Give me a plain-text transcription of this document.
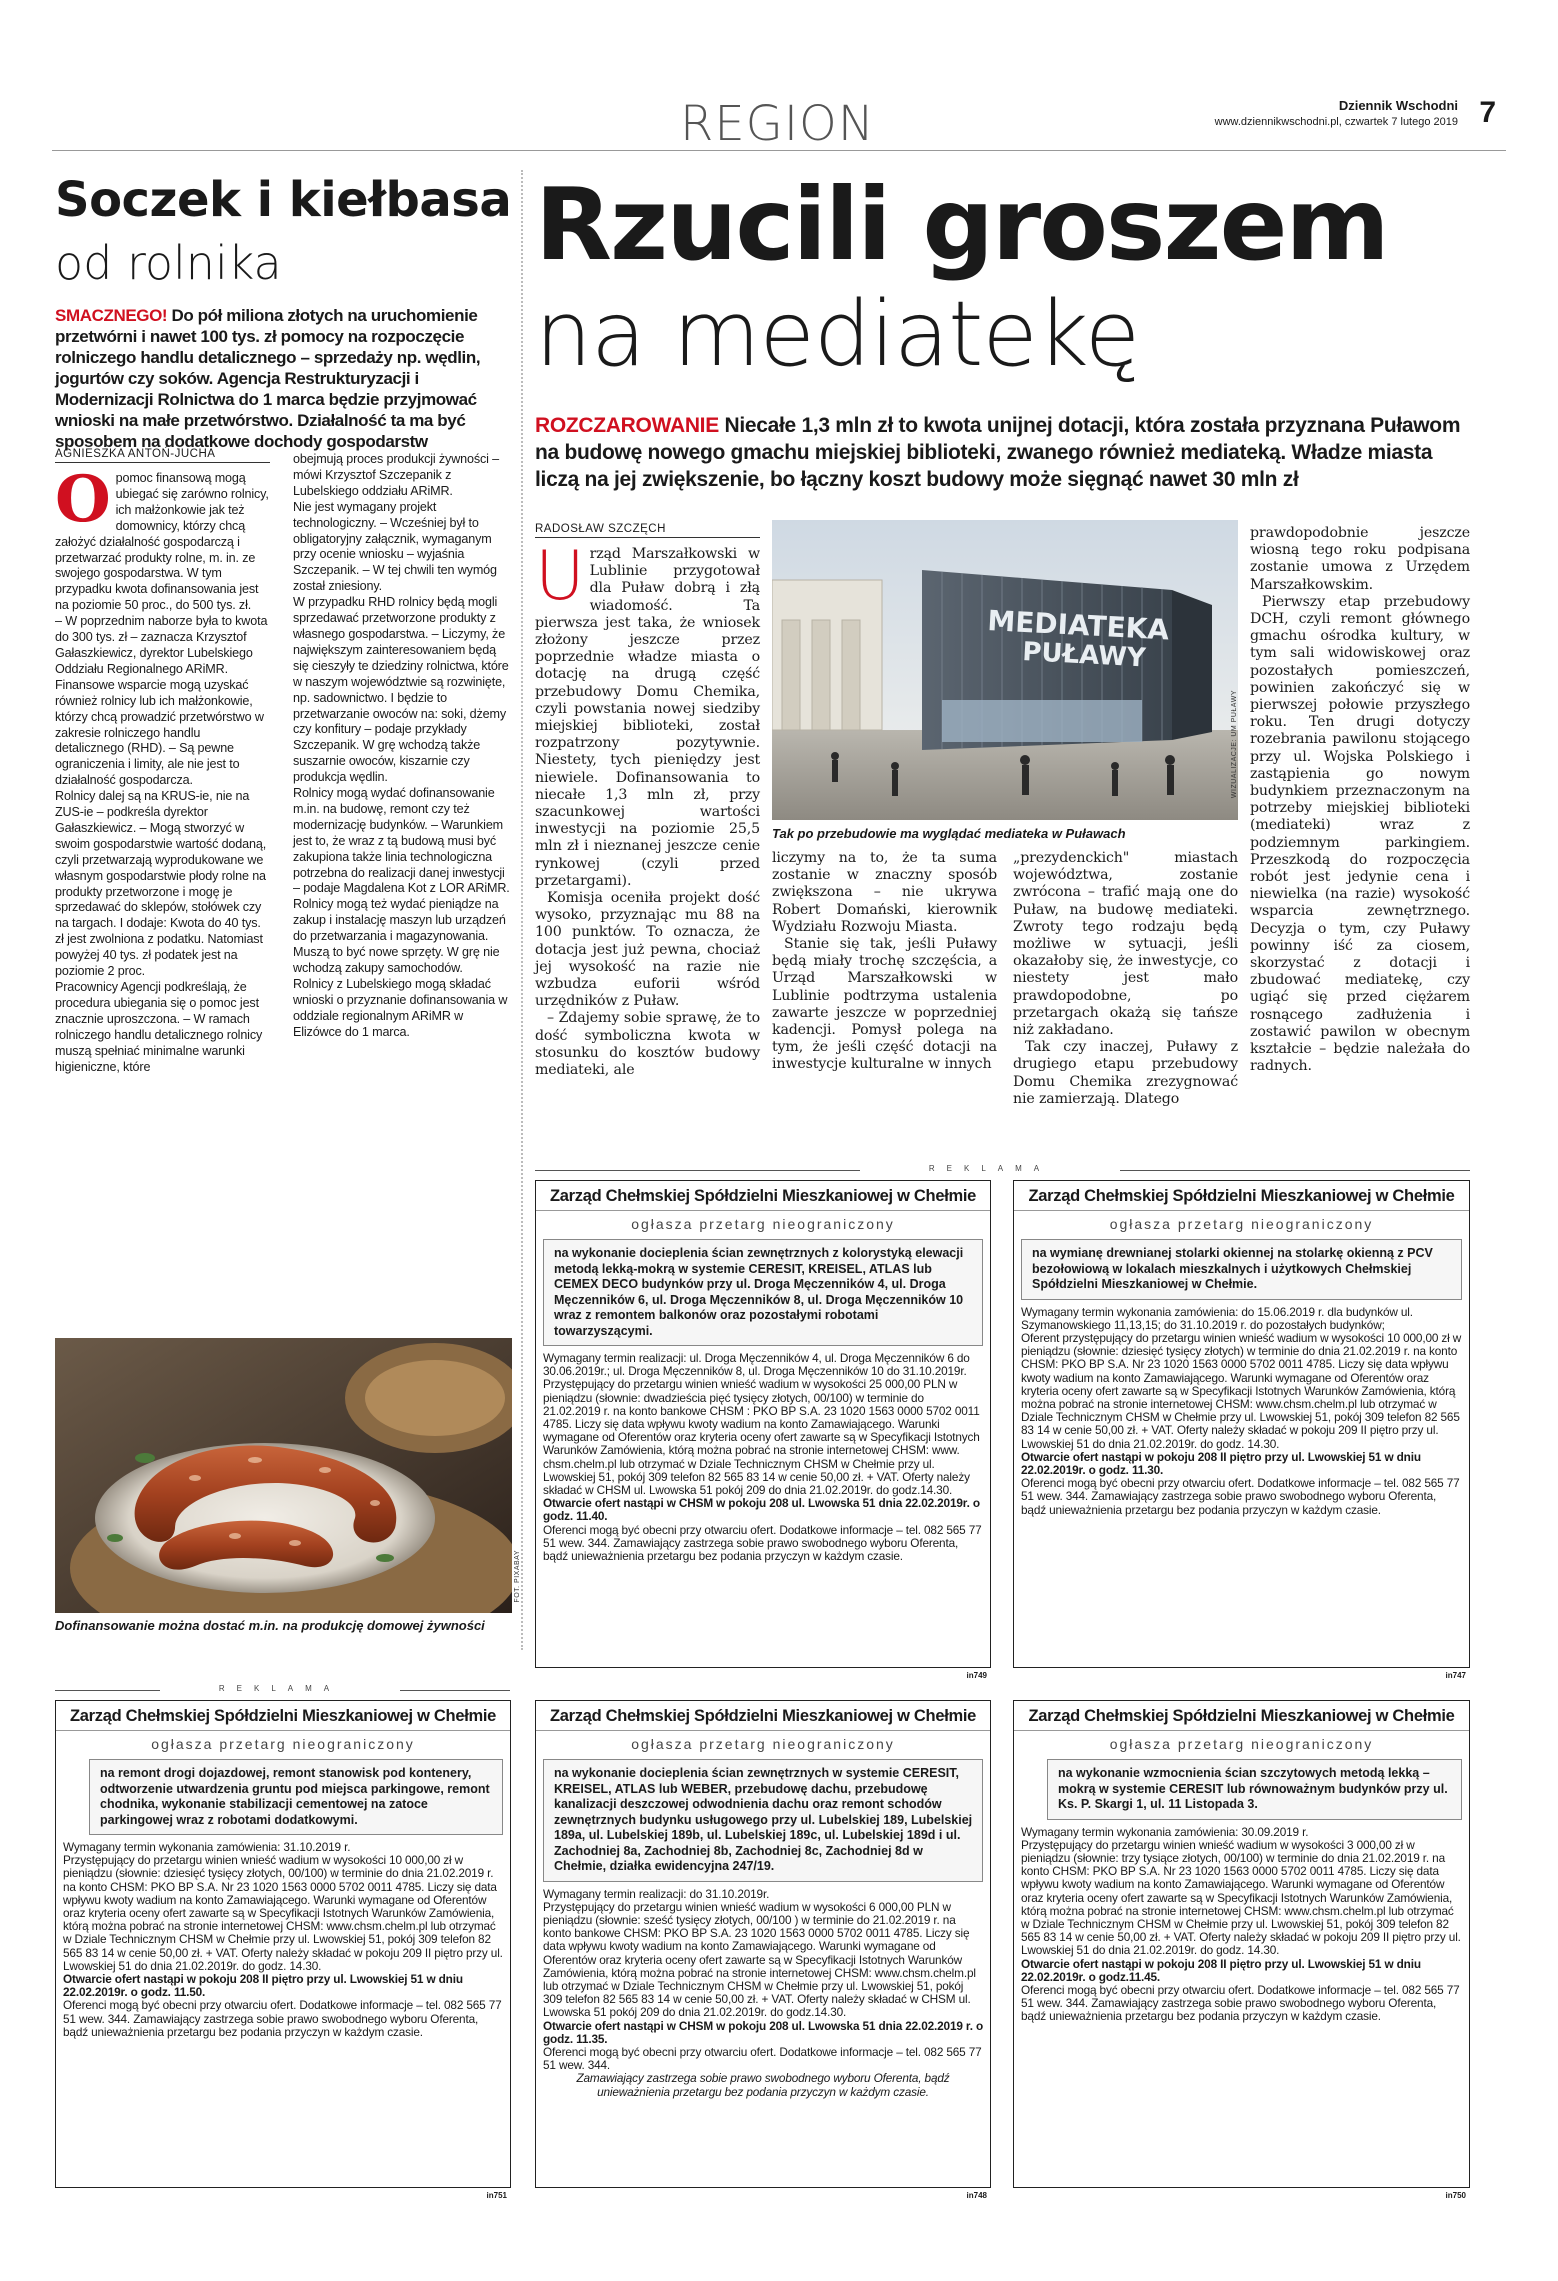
REGION	Dziennik Wschodni
www.dziennikwschodni.pl, czwartek 7 lutego 2019 7
Soczek i kiełbasa
od rolnika
SMACZNEGO! Do pół miliona złotych na uruchomienie przetwórni i nawet 100 tys. zł pomocy na rozpoczęcie rolniczego handlu detalicznego – sprzedaży np. wędlin, jogurtów czy soków. Agencja Restrukturyzacji i Modernizacji Rolnictwa do 1 marca będzie przyjmować wnioski na małe przetwórstwo. Działalność ta ma być sposobem na dodatkowe dochody gospodarstw
AGNIESZKA ANTOŃ-JUCHA
O pomoc finansową mogą ubiegać się zarówno rolnicy, ich małżonkowie jak też domownicy, którzy chcą założyć działalność gospodarczą i przetwarzać produkty rolne, m. in. ze swojego gospodarstwa. W tym przypadku kwota dofinansowania jest na poziomie 50 proc., do 500 tys. zł.

– W poprzednim naborze była to kwota do 300 tys. zł – zaznacza Krzysztof Gałaszkiewicz, dyrektor Lubelskiego Oddziału Regionalnego ARiMR.

Finansowe wsparcie mogą uzyskać również rolnicy lub ich małżonkowie, którzy chcą prowadzić przetwórstwo w zakresie rolniczego handlu detalicznego (RHD). – Są pewne ograniczenia i limity, ale nie jest to działalność gospodarcza.

Rolnicy dalej są na KRUS-ie, nie na ZUS-ie – podkreśla dyrektor Gałaszkiewicz. – Mogą stworzyć w swoim gospodarstwie wartość dodaną, czyli przetwarzają wyprodukowane we własnym gospodarstwie płody rolne na produkty przetworzone i mogę je sprzedawać do sklepów, stołówek czy na targach. I dodaje: Kwota do 40 tys. zł jest zwolniona z podatku. Natomiast powyżej 40 tys. zł podatek jest na poziomie 2 proc.

Pracownicy Agencji podkreślają, że procedura ubiegania się o pomoc jest znacznie uproszczona. – W ramach rolniczego handlu detalicznego rolnicy muszą spełniać minimalne warunki higieniczne, które

obejmują proces produkcji żywności – mówi Krzysztof Szczepanik z Lubelskiego oddziału ARiMR.

Nie jest wymagany projekt technologiczny. – Wcześniej był to obligatoryjny załącznik, wymaganym przy ocenie wniosku – wyjaśnia Szczepanik. – W tej chwili ten wymóg został zniesiony.

W przypadku RHD rolnicy będą mogli sprzedawać przetworzone produkty z własnego gospodarstwa. – Liczymy, że największym zainteresowaniem będą się cieszyły te dziedziny rolnictwa, które w naszym województwie są rozwinięte, np. sadownictwo. I będzie to przetwarzanie owoców na: soki, dżemy czy konfitury – podaje przykłady Szczepanik. W grę wchodzą także suszarnie owoców, kiszarnie czy produkcja wędlin.

Rolnicy mogą wydać dofinansowanie m.in. na budowę, remont czy też modernizację budynków. – Warunkiem jest to, że wraz z tą budową musi być zakupiona także linia technologiczna potrzebna do realizacji danej inwestycji – podaje Magdalena Kot z LOR ARiMR. Rolnicy mogą też wydać pieniądze na zakup i instalację maszyn lub urządzeń do przetwarzania i magazynowania. Muszą to być nowe sprzęty. W grę nie wchodzą zakupy samochodów.

Rolnicy z Lubelskiego mogą składać wnioski o przyznanie dofinansowania w oddziale regionalnym ARiMR w Elizówce do 1 marca.

FOT. PIXABAY
Dofinansowanie można dostać m.in. na produkcję domowej żywności
Rzucili groszem
na mediatekę
ROZCZAROWANIE Niecałe 1,3 mln zł to kwota unijnej dotacji, która została przyznana Puławom na budowę nowego gmachu miejskiej biblioteki, zwanego również mediateką. Władze miasta liczą na jej zwiększenie, bo łączny koszt budowy może sięgnąć nawet 30 mln zł
RADOSŁAW SZCZĘCH
U rząd Marszałkowski w Lublinie przygotował dla Puław dobrą i złą wiadomość. Ta pierwsza jest taka, że wniosek złożony jeszcze przez poprzednie władze miasta o dotację na drugą część przebudowy Domu Chemika, czyli powstania nowej siedziby miejskiej biblioteki, został rozpatrzony pozytywnie. Niestety, tych pieniędzy jest niewiele. Dofinansowania to niecałe 1,3 mln zł, przy szacunkowej wartości inwestycji na poziomie 25,5 mln zł i nieznanej jeszcze cenie rynkowej (czyli przed przetargami).

Komisja oceniła projekt dość wysoko, przyznając mu 88 na 100 punktów. To oznacza, że dotacja jest już pewna, chociaż jej wysokość na razie nie wzbudza euforii wśród urzędników z Puław.

– Zdajemy sobie sprawę, że to dość symboliczna kwota w stosunku do kosztów budowy mediateki, ale

MEDIATEKA
PUŁAWY
WIZUALIZACJE: UM PUŁAWY
Tak po przebudowie ma wyglądać mediateka w Puławach

liczymy na to, że ta suma zostanie w znaczny sposób zwiększona – nie ukrywa Robert Domański, kierownik Wydziału Rozwoju Miasta.

Stanie się tak, jeśli Puławy będą miały trochę szczęścia, a Urząd Marszałkowski w Lublinie podtrzyma ustalenia zawarte jeszcze w poprzedniej kadencji. Pomysł polega na tym, że jeśli część dotacji na inwestycje kulturalne w innych

„prezydenckich" miastach województwa, zostanie zwrócona – trafić mają one do Puław, na budowę mediateki. Zwroty tego rodzaju będą możliwe w sytuacji, jeśli okazałoby się, że inwestycje, co niestety jest mało prawdopodobne, po przetargach okażą się tańsze niż zakładano.

Tak czy inaczej, Puławy z drugiego etapu przebudowy Domu Chemika zrezygnować nie zamierzają. Dlatego

prawdopodobnie jeszcze wiosną tego roku podpisana zostanie umowa z Urzędem Marszałkowskim.

Pierwszy etap przebudowy DCH, czyli remont głównego gmachu ośrodka kultury, w tym sali widowiskowej oraz pozostałych pomieszczeń, powinien zakończyć się w pierwszej połowie przyszłego roku. Ten drugi dotyczy rozebrania pawilonu stojącego przy ul. Wojska Polskiego i zastąpienia go nowym budynkiem przeznaczonym na potrzeby miejskiej biblioteki (mediateki) wraz z podziemnym parkingiem. Przeszkodą do rozpoczęcia robót jest jedynie cena i niewielka (na razie) wysokość wsparcia zewnętrznego. Decyzja o tym, czy Puławy powinny iść za ciosem, skorzystać z dotacji i zbudować mediatekę, czy ugiąć się przed ciężarem rosnącego zadłużenia i zostawić pawilon w obecnym kształcie – będzie należała do radnych.

REKLAMA
Zarząd Chełmskiej Spółdzielni Mieszkaniowej w Chełmie
ogłasza przetarg nieograniczony
na wykonanie docieplenia ścian zewnętrznych z kolorystyką elewacji metodą lekką-mokrą w systemie CERESIT, KREISEL, ATLAS lub CEMEX DECO budynków przy ul. Droga Męczenników 4, ul. Droga Męczenników 6, ul. Droga Męczenników 8, ul. Droga Męczenników 10 wraz z remontem balkonów oraz pozostałymi robotami towarzyszącymi.

Wymagany termin realizacji: ul. Droga Męczenników 4, ul. Droga Męczenników 6 do 30.06.2019r.; ul. Droga Męczenników 8, ul. Droga Męczenników 10 do 31.10.2019r.

Przystępujący do przetargu winien wnieść wadium w wysokości 25 000,00 PLN w pieniądzu (słownie: dwadzieścia pięć tysięcy złotych, 00/100) w terminie do 21.02.2019 r. na konto bankowe CHSM : PKO BP S.A. 23 1020 1563 0000 5702 0011 4785. Liczy się data wpływu kwoty wadium na konto Zamawiającego. Warunki wymagane od Oferentów oraz kryteria oceny ofert zawarte są w Specyfikacji Istotnych Warunków Zamówienia, którą można pobrać na stronie internetowej CHSM: www. chsm.chelm.pl lub otrzymać w Dziale Technicznym CHSM w Chełmie przy ul. Lwowskiej 51, pokój 309 telefon 82 565 83 14 w cenie 50,00 zł. + VAT. Oferty należy składać w CHSM ul. Lwowska 51 pokój 209 do dnia 21.02.2019r. do godz.14.30.

Otwarcie ofert nastąpi w CHSM w pokoju 208 ul. Lwowska 51 dnia 22.02.2019r. o godz. 11.40.

Oferenci mogą być obecni przy otwarciu ofert. Dodatkowe informacje – tel. 082 565 77 51 wew. 344. Zamawiający zastrzega sobie prawo swobodnego wyboru Oferenta, bądź unieważnienia przetargu bez podania przyczyn w każdym czasie.

in749
Zarząd Chełmskiej Spółdzielni Mieszkaniowej w Chełmie
ogłasza przetarg nieograniczony
na wymianę drewnianej stolarki okiennej na stolarkę okienną z PCV bezołowiową w lokalach mieszkalnych i użytkowych Chełmskiej Spółdzielni Mieszkaniowej w Chełmie.

Wymagany termin wykonania zamówienia: do 15.06.2019 r. dla budynków ul. Szymanowskiego 11,13,15; do 31.10.2019 r. do pozostałych budynków;

Oferent przystępujący do przetargu winien wnieść wadium w wysokości 10 000,00 zł w pieniądzu (słownie: dziesięć tysięcy złotych) w terminie do dnia 21.02.2019 r. na konto CHSM: PKO BP S.A. Nr 23 1020 1563 0000 5702 0011 4785. Liczy się data wpływu kwoty wadium na konto Zamawiającego. Warunki wymagane od Oferentów oraz kryteria oceny ofert zawarte są w Specyfikacji Istotnych Warunków Zamówienia, którą można pobrać na stronie internetowej CHSM: www.chsm.chelm.pl lub otrzymać w Dziale Technicznym CHSM w Chełmie przy ul. Lwowskiej 51, pokój 309 telefon 82 565 83 14 w cenie 50,00 zł. + VAT. Oferty należy składać w pokoju 209 II piętro przy ul. Lwowskiej 51 do dnia 21.02.2019r. do godz. 14.30.

Otwarcie ofert nastąpi w pokoju 208 II piętro przy ul. Lwowskiej 51 w dniu 22.02.2019r. o godz. 11.30.

Oferenci mogą być obecni przy otwarciu ofert. Dodatkowe informacje – tel. 082 565 77 51 wew. 344. Zamawiający zastrzega sobie prawo swobodnego wyboru Oferenta, bądź unieważnienia przetargu bez podania przyczyn w każdym czasie.

in747
REKLAMA
Zarząd Chełmskiej Spółdzielni Mieszkaniowej w Chełmie
ogłasza przetarg nieograniczony
na remont drogi dojazdowej, remont stanowisk pod kontenery, odtworzenie utwardzenia gruntu pod miejsca parkingowe, remont chodnika, wykonanie stabilizacji cementowej na zatoce parkingowej wraz z robotami dodatkowymi.

Wymagany termin wykonania zamówienia: 31.10.2019 r.

Przystępujący do przetargu winien wnieść wadium w wysokości 10 000,00 zł w pieniądzu (słownie: dziesięć tysięcy złotych, 00/100) w terminie do dnia 21.02.2019 r. na konto CHSM: PKO BP S.A. Nr 23 1020 1563 0000 5702 0011 4785. Liczy się data wpływu kwoty wadium na konto Zamawiającego. Warunki wymagane od Oferentów oraz kryteria oceny ofert zawarte są w Specyfikacji Istotnych Warunków Zamówienia, którą można pobrać na stronie internetowej CHSM: www.chsm.chelm.pl lub otrzymać w Dziale Technicznym CHSM w Chełmie przy ul. Lwowskiej 51, pokój 309 telefon 82 565 83 14 w cenie 50,00 zł. + VAT. Oferty należy składać w pokoju 209 II piętro przy ul. Lwowskiej 51 do dnia 21.02.2019r. do godz. 14.30.

Otwarcie ofert nastąpi w pokoju 208 II piętro przy ul. Lwowskiej 51 w dniu 22.02.2019r. o godz. 11.50.

Oferenci mogą być obecni przy otwarciu ofert. Dodatkowe informacje – tel. 082 565 77 51 wew. 344. Zamawiający zastrzega sobie prawo swobodnego wyboru Oferenta, bądź unieważnienia przetargu bez podania przyczyn w każdym czasie.

in751
Zarząd Chełmskiej Spółdzielni Mieszkaniowej w Chełmie
ogłasza przetarg nieograniczony
na wykonanie docieplenia ścian zewnętrznych w systemie CERESIT, KREISEL, ATLAS lub WEBER, przebudowę dachu, przebudowę kanalizacji deszczowej odwodnienia dachu oraz remont schodów zewnętrznych budynku usługowego przy ul. Lubelskiej 189, Lubelskiej 189a, ul. Lubelskiej 189b, ul. Lubelskiej 189c, ul. Lubelskiej 189d i ul. Zachodniej 8a, Zachodniej 8b, Zachodniej 8c, Zachodniej 8d w Chełmie, działka ewidencyjna 247/19.

Wymagany termin realizacji: do 31.10.2019r.

Przystępujący do przetargu winien wnieść wadium w wysokości 6 000,00 PLN w pieniądzu (słownie: sześć tysięcy złotych, 00/100 ) w terminie do 21.02.2019 r. na konto bankowe CHSM: PKO BP S.A. 23 1020 1563 0000 5702 0011 4785. Liczy się data wpływu kwoty wadium na konto Zamawiającego. Warunki wymagane od Oferentów oraz kryteria oceny ofert zawarte są w Specyfikacji Istotnych Warunków Zamówienia, którą można pobrać na stronie internetowej CHSM: www.chsm.chelm.pl lub otrzymać w Dziale Technicznym CHSM w Chełmie przy ul. Lwowskiej 51, pokój 309 telefon 82 565 83 14 w cenie 50,00 zł. + VAT. Oferty należy składać w CHSM ul. Lwowska 51 pokój 209 do dnia 21.02.2019r. do godz.14.30.

Otwarcie ofert nastąpi w CHSM w pokoju 208 ul. Lwowska 51 dnia 22.02.2019 r. o godz. 11.35.

Oferenci mogą być obecni przy otwarciu ofert. Dodatkowe informacje – tel. 082 565 77 51 wew. 344.

Zamawiający zastrzega sobie prawo swobodnego wyboru Oferenta, bądź unieważnienia przetargu bez podania przyczyn w każdym czasie.

in748
Zarząd Chełmskiej Spółdzielni Mieszkaniowej w Chełmie
ogłasza przetarg nieograniczony
na wykonanie wzmocnienia ścian szczytowych metodą lekką – mokrą w systemie CERESIT lub równoważnym budynków przy ul. Ks. P. Skargi 1, ul. 11 Listopada 3.

Wymagany termin wykonania zamówienia: 30.09.2019 r.

Przystępujący do przetargu winien wnieść wadium w wysokości 3 000,00 zł w pieniądzu (słownie: trzy tysiące złotych, 00/100) w terminie do dnia 21.02.2019 r. na konto CHSM: PKO BP S.A. Nr 23 1020 1563 0000 5702 0011 4785. Liczy się data wpływu kwoty wadium na konto Zamawiającego. Warunki wymagane od Oferentów oraz kryteria oceny ofert zawarte są w Specyfikacji Istotnych Warunków Zamówienia, którą można pobrać na stronie internetowej CHSM: www.chsm.chelm.pl lub otrzymać w Dziale Technicznym CHSM w Chełmie przy ul. Lwowskiej 51, pokój 309 telefon 82 565 83 14 w cenie 50,00 zł. + VAT. Oferty należy składać w pokoju 209 II piętro przy ul. Lwowskiej 51 do dnia 21.02.2019r. do godz. 14.30.

Otwarcie ofert nastąpi w pokoju 208 II piętro przy ul. Lwowskiej 51 w dniu 22.02.2019r. o godz.11.45.

Oferenci mogą być obecni przy otwarciu ofert. Dodatkowe informacje – tel. 082 565 77 51 wew. 344. Zamawiający zastrzega sobie prawo swobodnego wyboru Oferenta, bądź unieważnienia przetargu bez podania przyczyn w każdym czasie.

in750
